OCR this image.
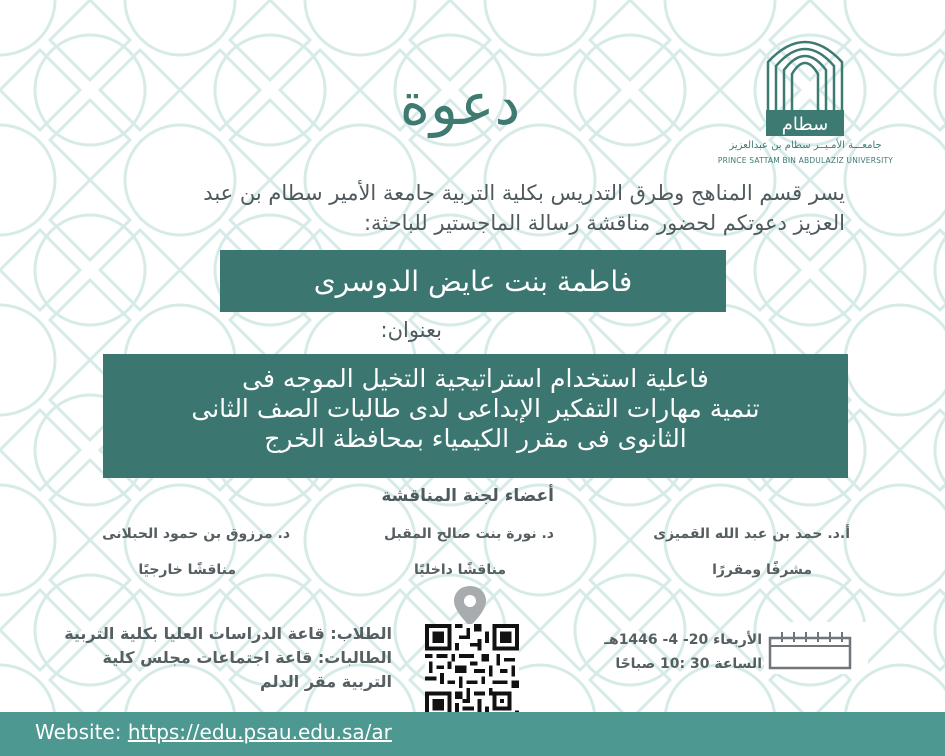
سطام
جامعـــة الأمـيــر سطام بن عبدالعزيز
PRINCE SATTAM BIN ABDULAZIZ UNIVERSITY
دعوة
يسر قسم المناهج وطرق التدريس بكلية التربية جامعة الأمير سطام بن عبد
العزيز دعوتكم لحضور مناقشة رسالة الماجستير للباحثة:
فاطمة بنت عايض الدوسرى
بعنوان:
فاعلية استخدام استراتيجية التخيل الموجه فى
تنمية مهارات التفكير الإبداعى لدى طالبات الصف الثانى
الثانوى فى مقرر الكيمياء بمحافظة الخرج
أعضاء لجنة المناقشة
أ.د. حمد بن عبد الله القميزى
مشرفًا ومقررًا
د. نورة بنت صالح المقبل
مناقشًا داخليًا
د. مرزوق بن حمود الحبلانى
مناقشًا خارجيًا
الطلاب: قاعة الدراسات العليا بكلية التربية
الطالبات: قاعة اجتماعات مجلس كلية
التربية مقر الدلم
الأربعاء 20- 4- 1446هـ
الساعة 30 :10 صباحًا
Website: https://edu.psau.edu.sa/ar
